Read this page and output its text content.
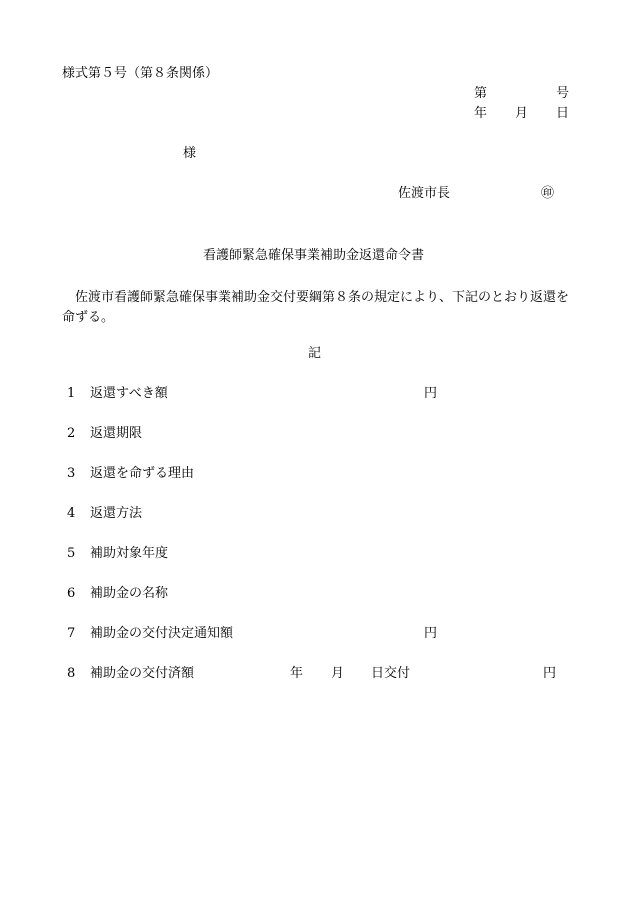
様式第５号（第８条関係）
第	号
年 月 日
様
佐渡市長	㊞
看護師緊急確保事業補助金返還命令書
佐渡市看護師緊急確保事業補助金交付要綱第８条の規定により、下記のとおり返還を命ずる。
記
1 返還すべき額	円
2 返還期限
3 返還を命ずる理由
4 返還方法
5 補助対象年度
6 補助金の名称
7 補助金の交付決定通知額	円
8 補助金の交付済額	年 月 日交付	円
